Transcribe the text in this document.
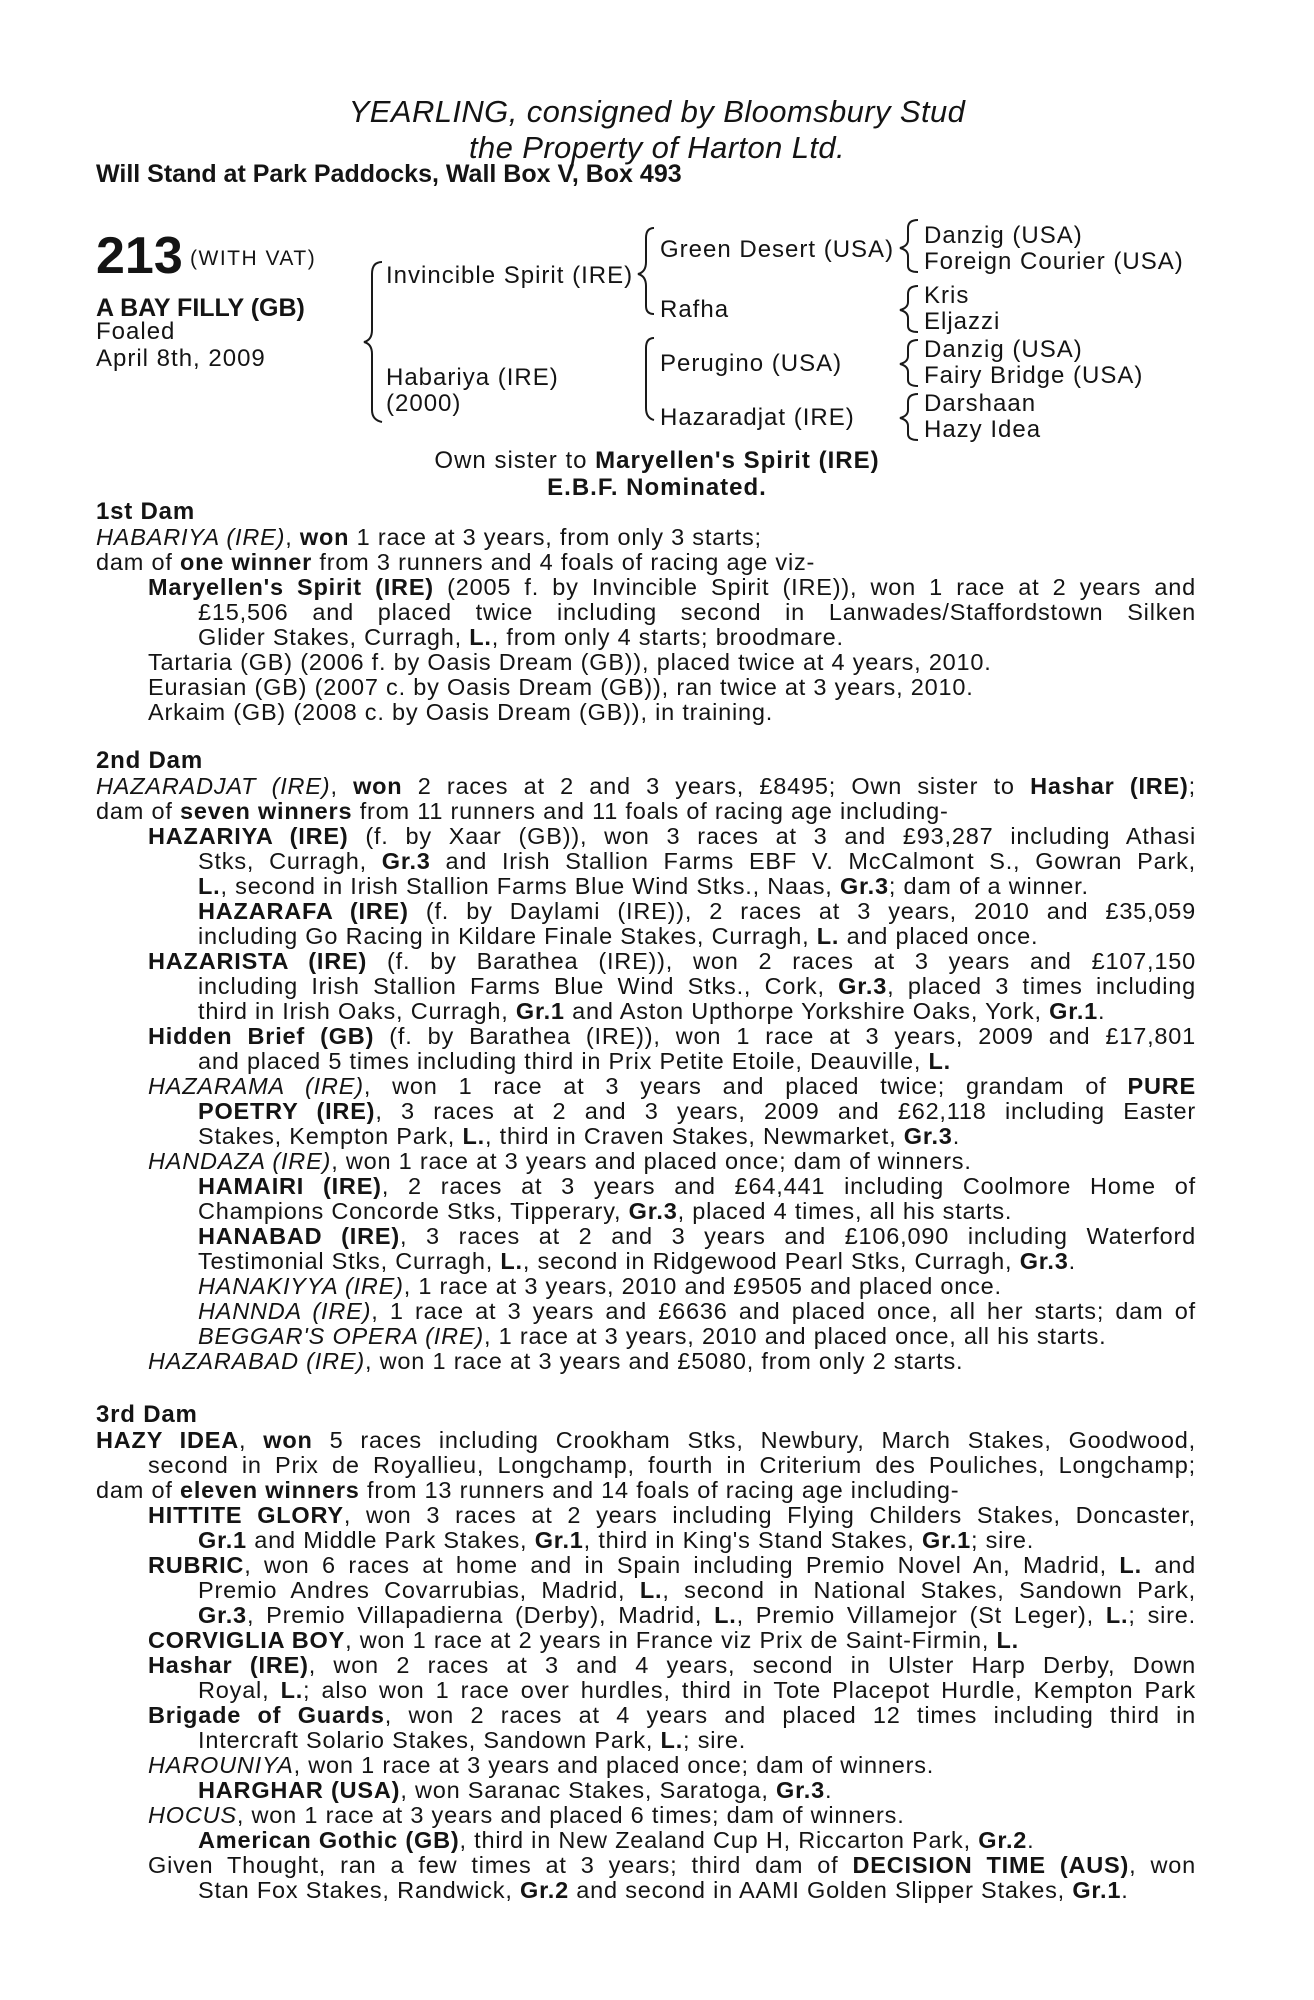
YEARLING, consigned by Bloomsbury Stud
the Property of Harton Ltd.
Will Stand at Park Paddocks, Wall Box V, Box 493
213 (WITH VAT)
A BAY FILLY (GB)
Foaled
April 8th, 2009
Invincible Spirit (IRE)
Habariya (IRE)
(2000)
Green Desert (USA)
Rafha
Perugino (USA)
Hazaradjat (IRE)
Danzig (USA)
Foreign Courier (USA)
Kris
Eljazzi
Danzig (USA)
Fairy Bridge (USA)
Darshaan
Hazy Idea
Own sister to Maryellen's Spirit (IRE)
E.B.F. Nominated.
1st Dam
HABARIYA (IRE), won 1 race at 3 years, from only 3 starts;
dam of one winner from 3 runners and 4 foals of racing age viz-
Maryellen's Spirit (IRE) (2005 f. by Invincible Spirit (IRE)), won 1 race at 2 years and
£15,506 and placed twice including second in Lanwades/Staffordstown Silken
Glider Stakes, Curragh, L., from only 4 starts; broodmare.
Tartaria (GB) (2006 f. by Oasis Dream (GB)), placed twice at 4 years, 2010.
Eurasian (GB) (2007 c. by Oasis Dream (GB)), ran twice at 3 years, 2010.
Arkaim (GB) (2008 c. by Oasis Dream (GB)), in training.
2nd Dam
HAZARADJAT (IRE), won 2 races at 2 and 3 years, £8495; Own sister to Hashar (IRE);
dam of seven winners from 11 runners and 11 foals of racing age including-
HAZARIYA (IRE) (f. by Xaar (GB)), won 3 races at 3 and £93,287 including Athasi
Stks, Curragh, Gr.3 and Irish Stallion Farms EBF V. McCalmont S., Gowran Park,
L., second in Irish Stallion Farms Blue Wind Stks., Naas, Gr.3; dam of a winner.
HAZARAFA (IRE) (f. by Daylami (IRE)), 2 races at 3 years, 2010 and £35,059
including Go Racing in Kildare Finale Stakes, Curragh, L. and placed once.
HAZARISTA (IRE) (f. by Barathea (IRE)), won 2 races at 3 years and £107,150
including Irish Stallion Farms Blue Wind Stks., Cork, Gr.3, placed 3 times including
third in Irish Oaks, Curragh, Gr.1 and Aston Upthorpe Yorkshire Oaks, York, Gr.1.
Hidden Brief (GB) (f. by Barathea (IRE)), won 1 race at 3 years, 2009 and £17,801
and placed 5 times including third in Prix Petite Etoile, Deauville, L.
HAZARAMA (IRE), won 1 race at 3 years and placed twice; grandam of PURE
POETRY (IRE), 3 races at 2 and 3 years, 2009 and £62,118 including Easter
Stakes, Kempton Park, L., third in Craven Stakes, Newmarket, Gr.3.
HANDAZA (IRE), won 1 race at 3 years and placed once; dam of winners.
HAMAIRI (IRE), 2 races at 3 years and £64,441 including Coolmore Home of
Champions Concorde Stks, Tipperary, Gr.3, placed 4 times, all his starts.
HANABAD (IRE), 3 races at 2 and 3 years and £106,090 including Waterford
Testimonial Stks, Curragh, L., second in Ridgewood Pearl Stks, Curragh, Gr.3.
HANAKIYYA (IRE), 1 race at 3 years, 2010 and £9505 and placed once.
HANNDA (IRE), 1 race at 3 years and £6636 and placed once, all her starts; dam of
BEGGAR'S OPERA (IRE), 1 race at 3 years, 2010 and placed once, all his starts.
HAZARABAD (IRE), won 1 race at 3 years and £5080, from only 2 starts.
3rd Dam
HAZY IDEA, won 5 races including Crookham Stks, Newbury, March Stakes, Goodwood,
second in Prix de Royallieu, Longchamp, fourth in Criterium des Pouliches, Longchamp;
dam of eleven winners from 13 runners and 14 foals of racing age including-
HITTITE GLORY, won 3 races at 2 years including Flying Childers Stakes, Doncaster,
Gr.1 and Middle Park Stakes, Gr.1, third in King's Stand Stakes, Gr.1; sire.
RUBRIC, won 6 races at home and in Spain including Premio Novel An, Madrid, L. and
Premio Andres Covarrubias, Madrid, L., second in National Stakes, Sandown Park,
Gr.3, Premio Villapadierna (Derby), Madrid, L., Premio Villamejor (St Leger), L.; sire.
CORVIGLIA BOY, won 1 race at 2 years in France viz Prix de Saint-Firmin, L.
Hashar (IRE), won 2 races at 3 and 4 years, second in Ulster Harp Derby, Down
Royal, L.; also won 1 race over hurdles, third in Tote Placepot Hurdle, Kempton Park
Brigade of Guards, won 2 races at 4 years and placed 12 times including third in
Intercraft Solario Stakes, Sandown Park, L.; sire.
HAROUNIYA, won 1 race at 3 years and placed once; dam of winners.
HARGHAR (USA), won Saranac Stakes, Saratoga, Gr.3.
HOCUS, won 1 race at 3 years and placed 6 times; dam of winners.
American Gothic (GB), third in New Zealand Cup H, Riccarton Park, Gr.2.
Given Thought, ran a few times at 3 years; third dam of DECISION TIME (AUS), won
Stan Fox Stakes, Randwick, Gr.2 and second in AAMI Golden Slipper Stakes, Gr.1.
